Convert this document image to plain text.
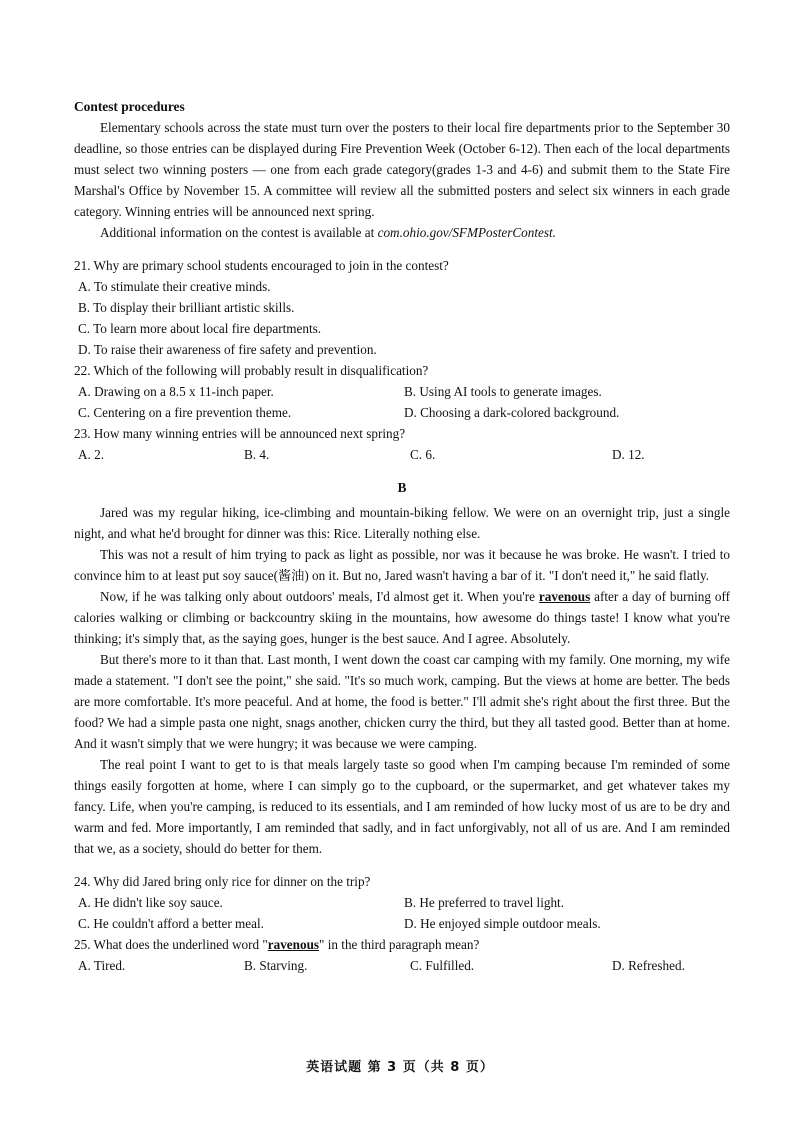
Contest procedures

Elementary schools across the state must turn over the posters to their local fire departments prior to the September 30 deadline, so those entries can be displayed during Fire Prevention Week (October 6-12). Then each of the local departments must select two winning posters — one from each grade category(grades 1-3 and 4-6) and submit them to the State Fire Marshal's Office by November 15. A committee will review all the submitted posters and select six winners in each grade category. Winning entries will be announced next spring.

Additional information on the contest is available at com.ohio.gov/SFMPosterContest.

21. Why are primary school students encouraged to join in the contest?

A. To stimulate their creative minds.

B. To display their brilliant artistic skills.

C. To learn more about local fire departments.

D. To raise their awareness of fire safety and prevention.

22. Which of the following will probably result in disqualification?

A. Drawing on a 8.5 x 11-inch paper.	B. Using AI tools to generate images.
C. Centering on a fire prevention theme.	D. Choosing a dark-colored background.

23. How many winning entries will be announced next spring?

A. 2.	B. 4.	C. 6.	D. 12.
B

Jared was my regular hiking, ice-climbing and mountain-biking fellow. We were on an overnight trip, just a single night, and what he'd brought for dinner was this: Rice. Literally nothing else.

This was not a result of him trying to pack as light as possible, nor was it because he was broke. He wasn't. I tried to convince him to at least put soy sauce(酱油) on it. But no, Jared wasn't having a bar of it. "I don't need it," he said flatly.

Now, if he was talking only about outdoors' meals, I'd almost get it. When you're ravenous after a day of burning off calories walking or climbing or backcountry skiing in the mountains, how awesome do things taste! I know what you're thinking; it's simply that, as the saying goes, hunger is the best sauce. And I agree. Absolutely.

But there's more to it than that. Last month, I went down the coast car camping with my family. One morning, my wife made a statement. "I don't see the point," she said. "It's so much work, camping. But the views at home are better. The beds are more comfortable. It's more peaceful. And at home, the food is better." I'll admit she's right about the first three. But the food? We had a simple pasta one night, snags another, chicken curry the third, but they all tasted good. Better than at home. And it wasn't simply that we were hungry; it was because we were camping.

The real point I want to get to is that meals largely taste so good when I'm camping because I'm reminded of some things easily forgotten at home, where I can simply go to the cupboard, or the supermarket, and get whatever takes my fancy. Life, when you're camping, is reduced to its essentials, and I am reminded of how lucky most of us are to be dry and warm and fed. More importantly, I am reminded that sadly, and in fact unforgivably, not all of us are. And I am reminded that we, as a society, should do better for them.

24. Why did Jared bring only rice for dinner on the trip?

A. He didn't like soy sauce.	B. He preferred to travel light.
C. He couldn't afford a better meal.	D. He enjoyed simple outdoor meals.

25. What does the underlined word "ravenous" in the third paragraph mean?

A. Tired.	B. Starving.	C. Fulfilled.	D. Refreshed.
英语试题 第 3 页（共 8 页）
